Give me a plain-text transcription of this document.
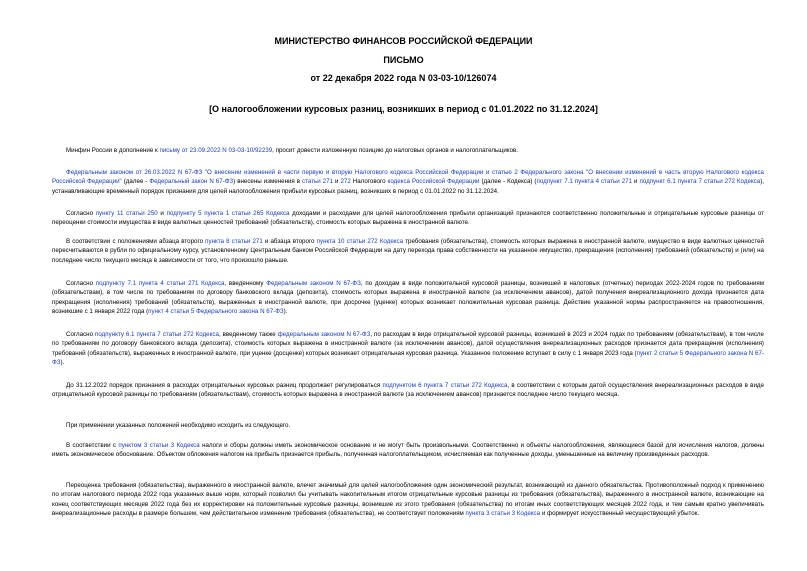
МИНИСТЕРСТВО ФИНАНСОВ РОССИЙСКОЙ ФЕДЕРАЦИИ
ПИСЬМО
от 22 декабря 2022 года N 03-03-10/126074
[О налогообложении курсовых разниц, возникших в период с 01.01.2022 по 31.12.2024]
Минфин России в дополнение к письму от 23.09.2022 N 03-03-10/92239, просит довести изложенную позицию до налоговых органов и налогоплательщиков.
Федеральным законом от 26.03.2022 N 67-ФЗ "О внесении изменений в части первую и вторую Налогового кодекса Российской Федерации и статью 2 Федерального закона "О внесении изменений в часть вторую Налогового кодекса Российской Федерации" (далее - Федеральный закон N 67-ФЗ) внесены изменения в статьи 271 и 272 Налогового кодекса Российской Федерации (далее - Кодекса) (подпункт 7.1 пункта 4 статьи 271 и подпункт 6.1 пункта 7 статьи 272 Кодекса), устанавливающие временный порядок признания для целей налогообложения прибыли курсовых разниц, возникших в период с 01.01.2022 по 31.12.2024.
Согласно пункту 11 статьи 250 и подпункту 5 пункта 1 статьи 265 Кодекса доходами и расходами для целей налогообложения прибыли организаций признаются соответственно положительные и отрицательные курсовые разницы от переоценки стоимости имущества в виде валютных ценностей требований (обязательств), стоимость которых выражена в иностранной валюте.
В соответствии с положениями абзаца второго пункта 8 статьи 271 и абзаца второго пункта 10 статьи 272 Кодекса требования (обязательства), стоимость которых выражена в иностранной валюте, имущество в виде валютных ценностей пересчитываются в рубли по официальному курсу, установленному Центральным банком Российской Федерации на дату перехода права собственности на указанное имущество, прекращения (исполнения) требований (обязательств) и (или) на последнее число текущего месяца в зависимости от того, что произошло раньше.
Согласно подпункту 7.1 пункта 4 статьи 271 Кодекса, введенному Федеральным законом N 67-ФЗ, по доходам в виде положительной курсовой разницы, возникшей в налоговых (отчетных) периодах 2022-2024 годов по требованиям (обязательствам), в том числе по требованиям по договору банковского вклада (депозита), стоимость которых выражена в иностранной валюте (за исключением авансов), датой получения внереализационного дохода признается дата прекращения (исполнения) требований (обязательств), выраженных в иностранной валюте, при досрочке (уценке) которых возникает положительная курсовая разница. Действие указанной нормы распространяется на правоотношения, возникшие с 1 января 2022 года (пункт 4 статьи 5 Федерального закона N 67-ФЗ).
Согласно подпункту 6.1 пункта 7 статьи 272 Кодекса, введенному также федеральным законом N 67-ФЗ, по расходам в виде отрицательной курсовой разницы, возникшей в 2023 и 2024 годах по требованиям (обязательствам), в том числе по требованиям по договору банковского вклада (депозита), стоимость которых выражена в иностранной валюте (за исключением авансов), датой осуществления внереализационных расходов признается дата прекращения (исполнения) требований (обязательств), выраженных в иностранной валюте, при уценке (досценке) которых возникает отрицательная курсовая разница. Указанное положение вступает в силу с 1 января 2023 года (пункт 2 статьи 5 Федерального закона N 67-ФЗ).
До 31.12.2022 порядок признания в расходах отрицательных курсовых разниц продолжает регулироваться подпунктом 6 пункта 7 статьи 272 Кодекса, в соответствии с которым датой осуществления внереализационных расходов в виде отрицательной курсовой разницы по требованиям (обязательствам), стоимость которых выражена в иностранной валюте (за исключением авансов) признается последнее число текущего месяца.
При применении указанных положений необходимо исходить из следующего.
В соответствии с пунктом 3 статьи 3 Кодекса налоги и сборы должны иметь экономическое основание и не могут быть произвольными. Соответственно и объекты налогообложения, являющиеся базой для исчисления налогов, должны иметь экономическое обоснование. Объектом обложения налогом на прибыль признается прибыль, полученная налогоплательщиком, исчисляемая как полученные доходы, уменьшенные на величину произведенных расходов.
Переоценка требования (обязательства), выраженного в иностранной валюте, влечет значимый для целей налогообложения один экономический результат, возникающий из данного обязательства. Противоположный подход к применению по итогам налогового периода 2022 года указанных выше норм, который позволил бы учитывать накопительным итогом отрицательные курсовые разницы из требования (обязательства), выраженного в иностранной валюте, возникающие на конец соответствующих месяцев 2022 года без их корректировки на положительные курсовые разницы, возникшие из этого требования (обязательства) по итогам иных соответствующих месяцев 2022 года, и тем самым кратно увеличивать внереализационные расходы в размере большем, чем действительное изменение требования (обязательства), не соответствует положениям пункта 3 статьи 3 Кодекса и формирует искусственный несуществующий убыток.
